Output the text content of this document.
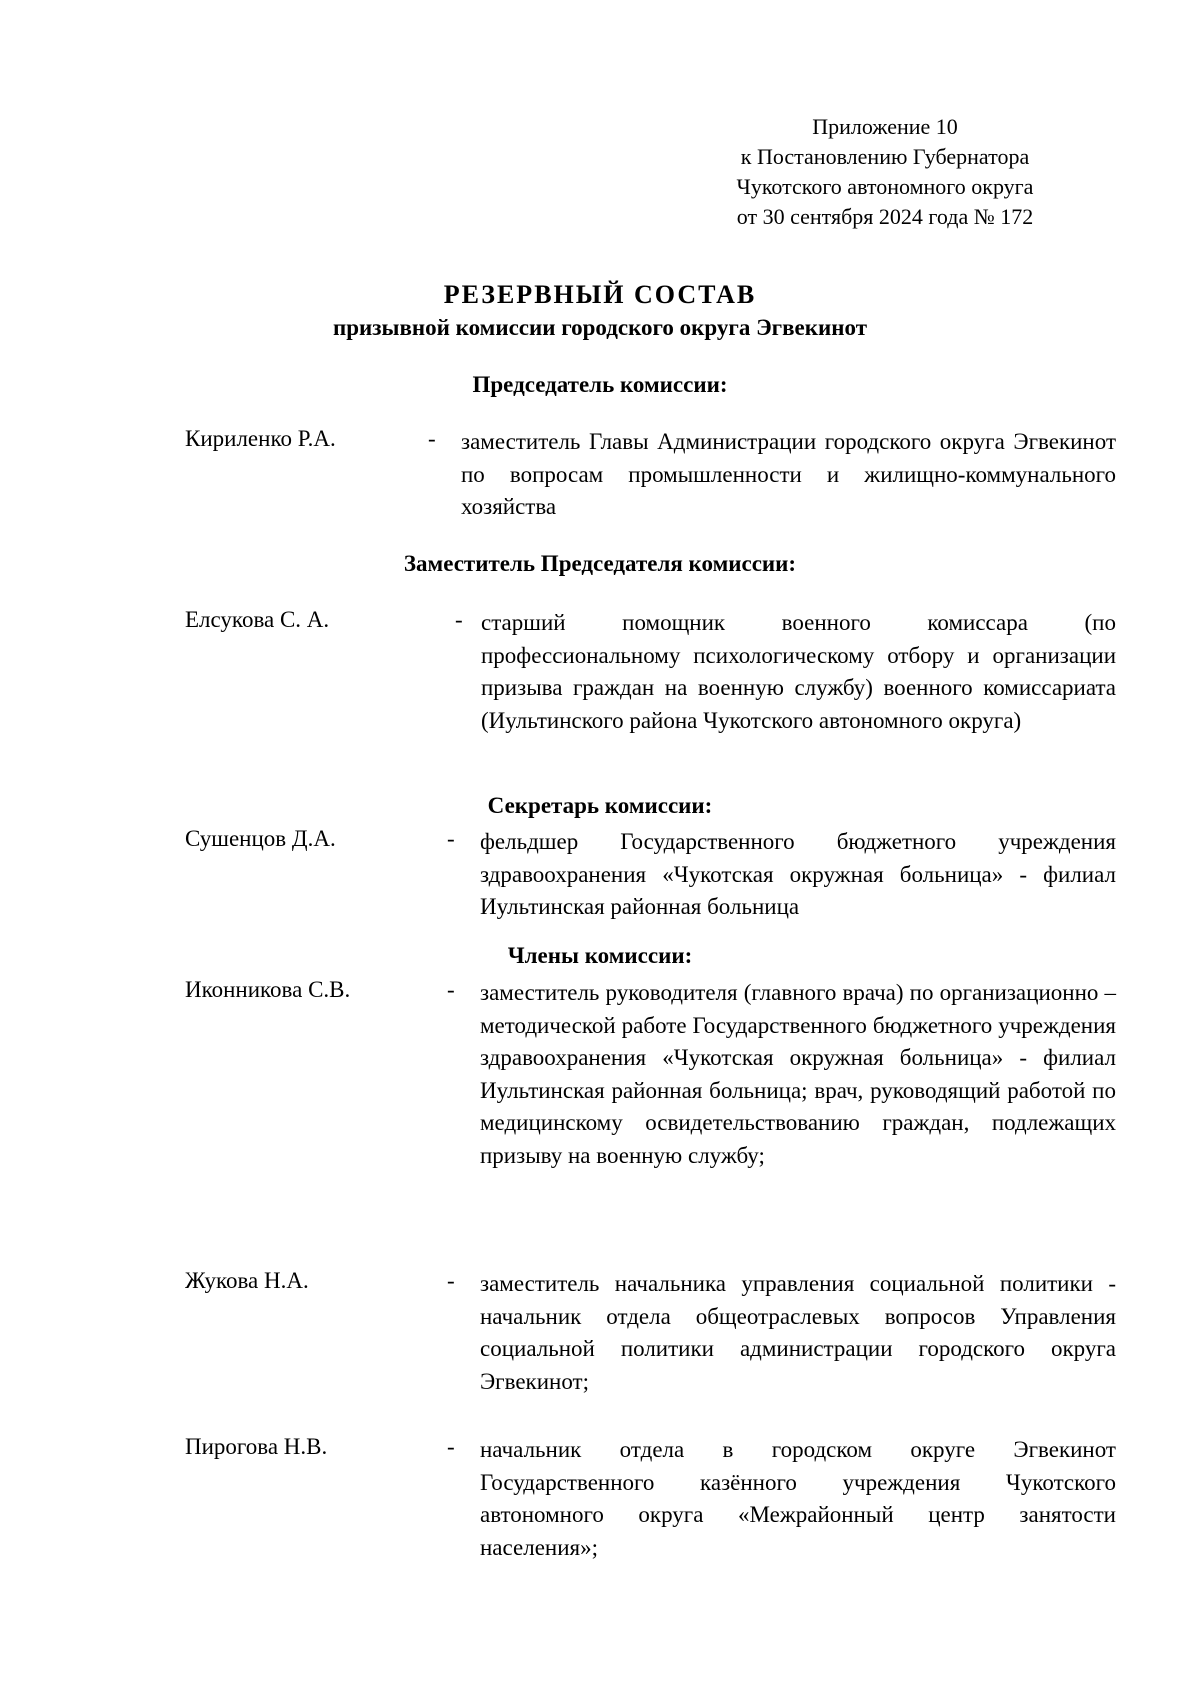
Приложение 10
к Постановлению Губернатора
Чукотского автономного округа
от 30 сентября 2024 года № 172
РЕЗЕРВНЫЙ СОСТАВ
призывной комиссии городского округа Эгвекинот
Председатель комиссии:
Кириленко Р.А.	- заместитель Главы Администрации городского округа Эгвекинот по вопросам промышленности и жилищно-коммунального хозяйства
Заместитель Председателя комиссии:
Елсукова С. А.	- старший помощник военного комиссара (по профессиональному психологическому отбору и организации призыва граждан на военную службу) военного комиссариата (Иультинского района Чукотского автономного округа)
Секретарь комиссии:
Сушенцов Д.А.	- фельдшер Государственного бюджетного учреждения здравоохранения «Чукотская окружная больница» - филиал Иультинская районная больница
Члены комиссии:
Иконникова С.В.	- заместитель руководителя (главного врача) по организационно – методической работе Государственного бюджетного учреждения здравоохранения «Чукотская окружная больница» - филиал Иультинская районная больница; врач, руководящий работой по медицинскому освидетельствованию граждан, подлежащих призыву на военную службу;
Жукова Н.А.	- заместитель начальника управления социальной политики - начальник отдела общеотраслевых вопросов Управления социальной политики администрации городского округа Эгвекинот;
Пирогова Н.В.	- начальник отдела в городском округе Эгвекинот Государственного казённого учреждения Чукотского автономного округа «Межрайонный центр занятости населения»;
